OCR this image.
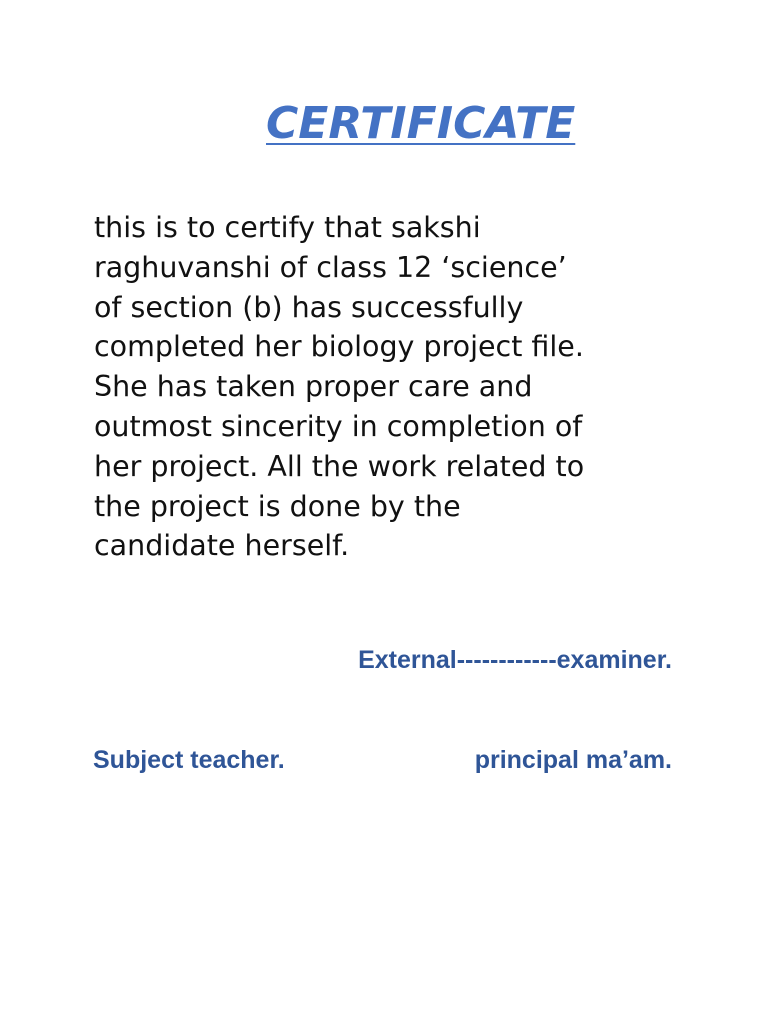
CERTIFICATE
this is to certify that sakshi
raghuvanshi of class 12 ‘science’
of section (b) has successfully
completed her biology project file.
She has taken proper care and
outmost sincerity in completion of
her project. All the work related to
the project is done by the
candidate herself.

External------------examiner.

Subject teacher.	principal ma’am.
